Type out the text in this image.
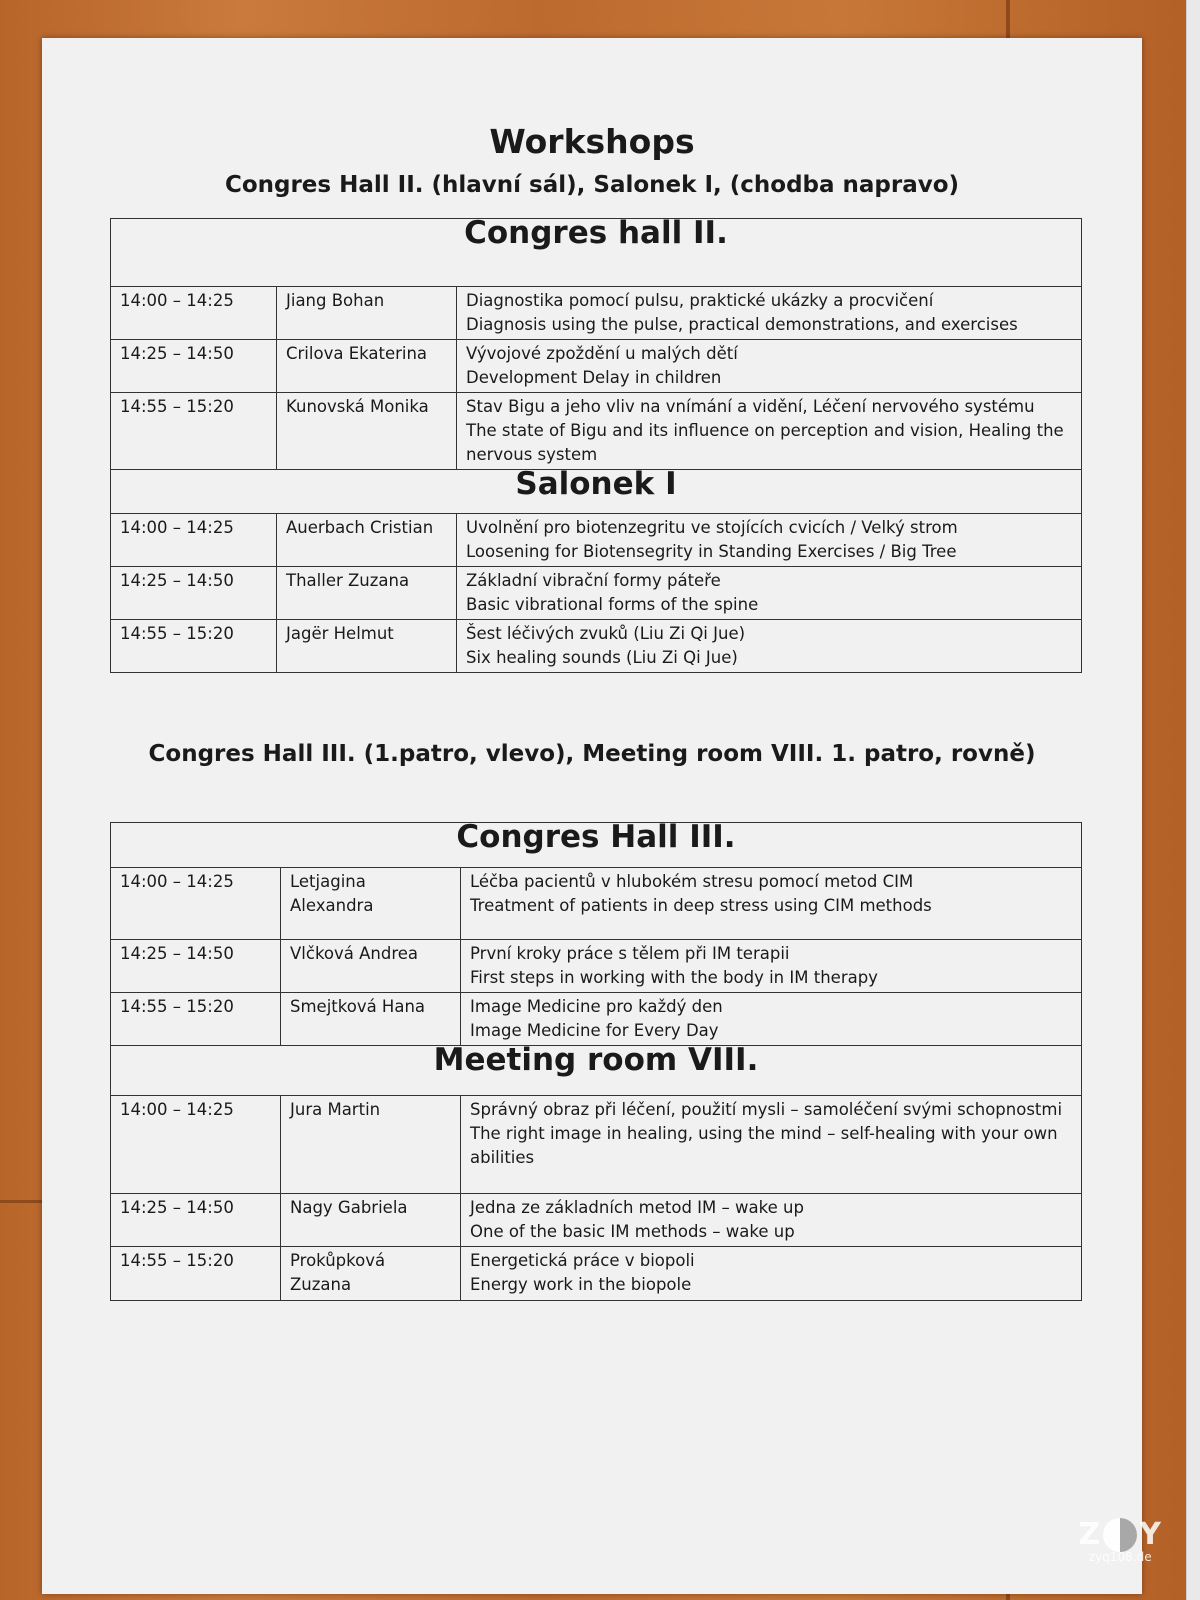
Workshops
Congres Hall II. (hlavní sál), Salonek I, (chodba napravo)
Congres hall II.		
14:00 – 14:25	Jiang Bohan	Diagnostika pomocí pulsu, praktické ukázky a procvičení
Diagnosis using the pulse, practical demonstrations, and exercises

14:25 – 14:50	Crilova Ekaterina	Vývojové zpoždění u malých dětí
Development Delay in children

14:55 – 15:20	Kunovská Monika	Stav Bigu a jeho vliv na vnímání a vidění, Léčení nervového systému
The state of Bigu and its influence on perception and vision, Healing the nervous system

Salonek I		
14:00 – 14:25	Auerbach Cristian	Uvolnění pro biotenzegritu ve stojících cvicích / Velký strom
Loosening for Biotensegrity in Standing Exercises / Big Tree

14:25 – 14:50	Thaller Zuzana	Základní vibrační formy páteře
Basic vibrational forms of the spine

14:55 – 15:20	Jagër Helmut	Šest léčivých zvuků (Liu Zi Qi Jue)
Six healing sounds (Liu Zi Qi Jue)
Congres Hall III. (1.patro, vlevo), Meeting room VIII. 1. patro, rovně)
Congres Hall III.		
14:00 – 14:25	Letjagina Alexandra	Léčba pacientů v hlubokém stresu pomocí metod CIM
Treatment of patients in deep stress using CIM methods

14:25 – 14:50	Vlčková Andrea	První kroky práce s tělem při IM terapii
First steps in working with the body in IM therapy

14:55 – 15:20	Smejtková Hana	Image Medicine pro každý den
Image Medicine for Every Day

Meeting room VIII.		
14:00 – 14:25	Jura Martin	Správný obraz při léčení, použití mysli – samoléčení svými schopnostmi
The right image in healing, using the mind – self-healing with your own abilities

14:25 – 14:50	Nagy Gabriela	Jedna ze základních metod IM – wake up
One of the basic IM methods – wake up

14:55 – 15:20	Prokůpková Zuzana	Energetická práce v biopoli
Energy work in the biopole
Z Y
zyq108.de
